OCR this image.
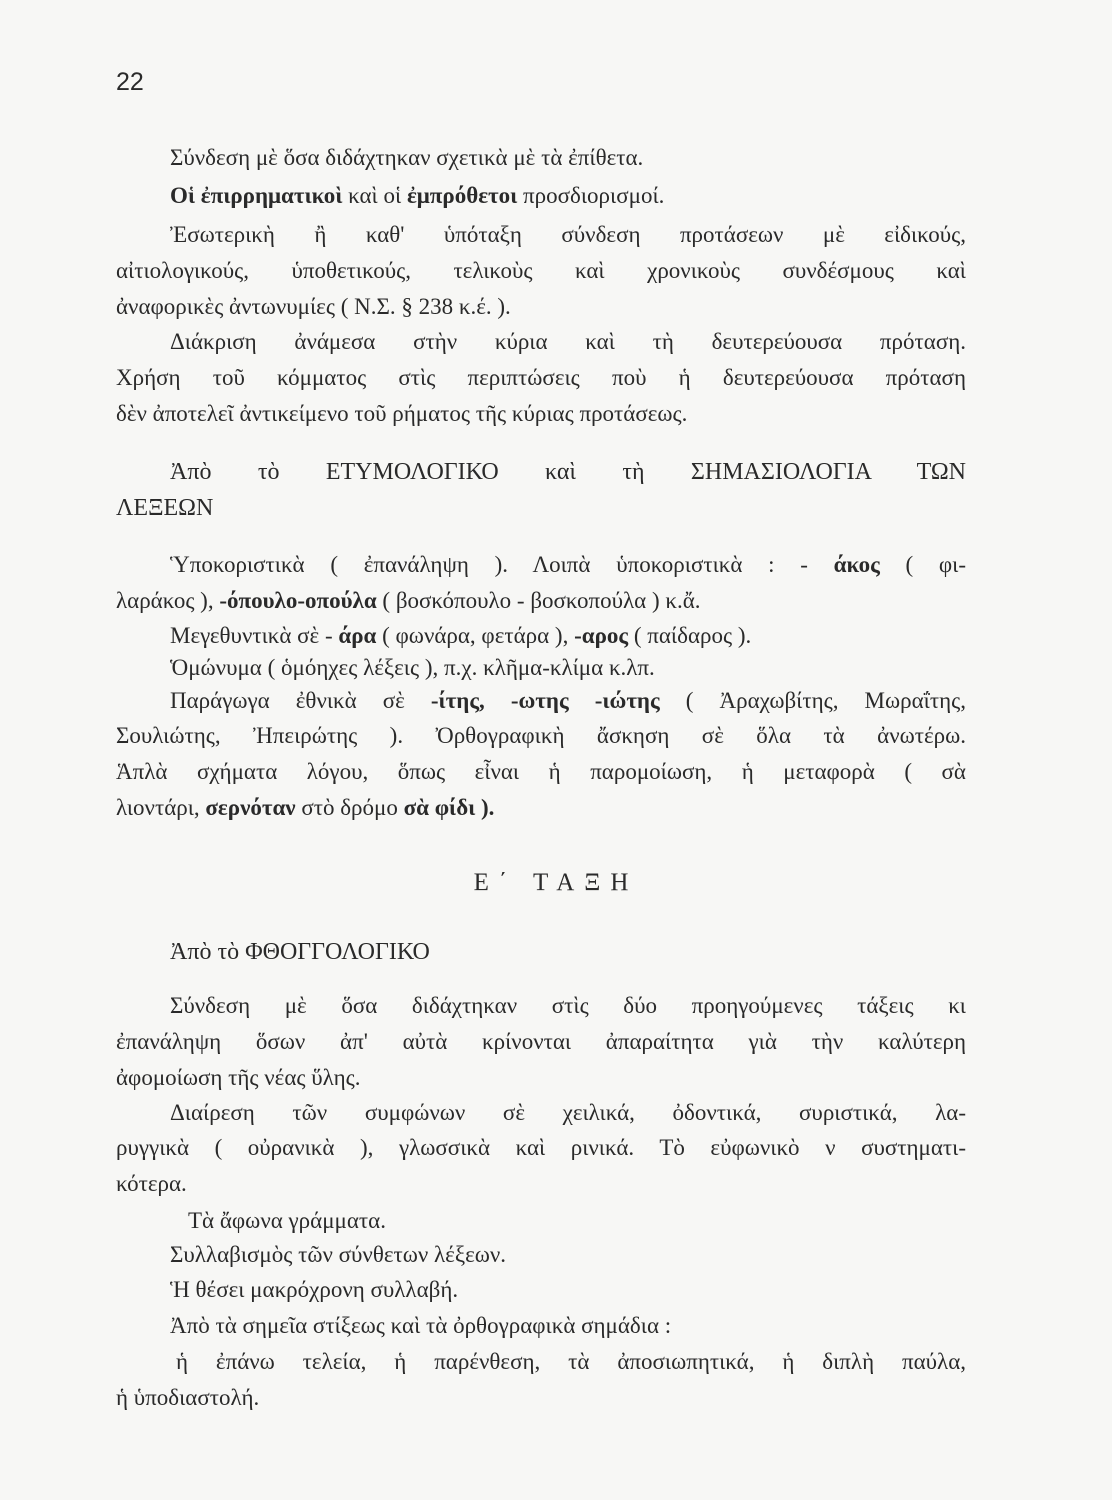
22
Σύνδεση μὲ ὅσα διδάχτηκαν σχετικὰ μὲ τὰ ἐπίθετα.
Οἱ ἐπιρρηματικοὶ καὶ οἱ ἐμπρόθετοι προσδιορισμοί.
Ἐσωτερικὴ ἢ καθ' ὑπόταξη σύνδεση προτάσεων μὲ εἰδικούς,
αἰτιολογικούς, ὑποθετικούς, τελικοὺς καὶ χρονικοὺς συνδέσμους καὶ
ἀναφορικὲς ἀντωνυμίες ( Ν.Σ. § 238 κ.έ. ).
Διάκριση ἀνάμεσα στὴν κύρια καὶ τὴ δευτερεύουσα πρόταση.
Χρήση τοῦ κόμματος στὶς περιπτώσεις ποὺ ἡ δευτερεύουσα πρόταση
δὲν ἀποτελεῖ ἀντικείμενο τοῦ ρήματος τῆς κύριας προτάσεως.
Ἀπὸ τὸ ΕΤΥΜΟΛΟΓΙΚΟ καὶ τὴ ΣΗΜΑΣΙΟΛΟΓΙΑ ΤΩΝ
ΛΕΞΕΩΝ
Ὑποκοριστικὰ ( ἐπανάληψη ). Λοιπὰ ὑποκοριστικὰ : - άκος ( φι-
λαράκος ), -όπουλο-οπούλα ( βοσκόπουλο - βοσκοπούλα ) κ.ἄ.
Μεγεθυντικὰ σὲ - άρα ( φωνάρα, φετάρα ), -αρος ( παίδαρος ).
Ὁμώνυμα ( ὁμόηχες λέξεις ), π.χ. κλῆμα-κλίμα κ.λπ.
Παράγωγα ἐθνικὰ σὲ -ίτης, -ωτης -ιώτης ( Ἀραχωβίτης, Μωραΐτης,
Σουλιώτης, Ἠπειρώτης ). Ὀρθογραφικὴ ἄσκηση σὲ ὅλα τὰ ἀνωτέρω.
Ἁπλὰ σχήματα λόγου, ὅπως εἶναι ἡ παρομοίωση, ἡ μεταφορὰ ( σὰ
λιοντάρι, σερνόταν στὸ δρόμο σὰ φίδι ).
Ε΄ ΤΑΞΗ
Ἀπὸ τὸ ΦΘΟΓΓΟΛΟΓΙΚΟ
Σύνδεση μὲ ὅσα διδάχτηκαν στὶς δύο προηγούμενες τάξεις κι
ἐπανάληψη ὅσων ἀπ' αὐτὰ κρίνονται ἀπαραίτητα γιὰ τὴν καλύτερη
ἀφομοίωση τῆς νέας ὕλης.
Διαίρεση τῶν συμφώνων σὲ χειλικά, ὀδοντικά, συριστικά, λα-
ρυγγικὰ ( οὐρανικὰ ), γλωσσικὰ καὶ ρινικά. Τὸ εὐφωνικὸ ν συστηματι-
κότερα.
Τὰ ἄφωνα γράμματα.
Συλλαβισμὸς τῶν σύνθετων λέξεων.
Ἡ θέσει μακρόχρονη συλλαβή.
Ἀπὸ τὰ σημεῖα στίξεως καὶ τὰ ὀρθογραφικὰ σημάδια :
ἡ ἐπάνω τελεία, ἡ παρένθεση, τὰ ἀποσιωπητικά, ἡ διπλὴ παύλα,
ἡ ὑποδιαστολή.
